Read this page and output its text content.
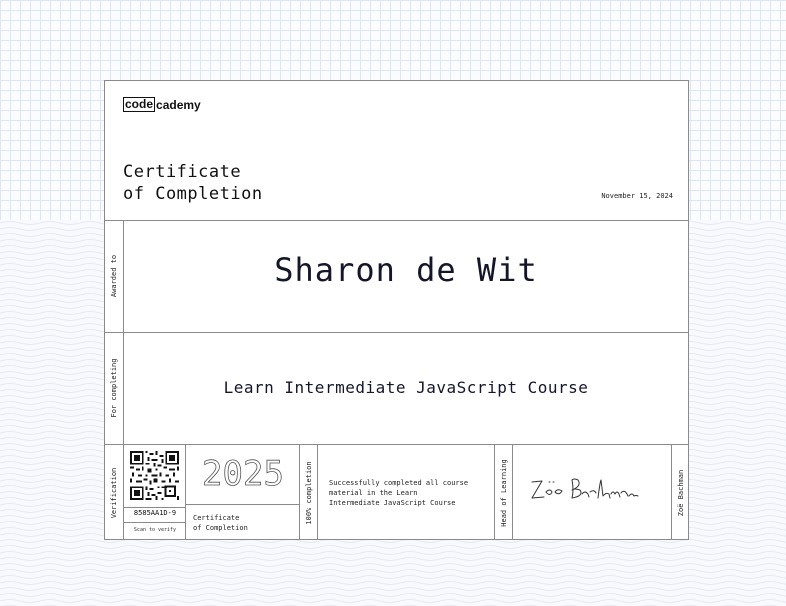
code cademy
Certificate
of Completion	November 15, 2024
Awarded to	Sharon de Wit
For completing	Learn Intermediate JavaScript Course
Verification	8585AA1D-9
Scan to verify
2025
Certificate
of Completion
100% completion Successfully completed all course
material in the Learn
Intermediate JavaScript Course	Head of Learning	Zoë Bachman
